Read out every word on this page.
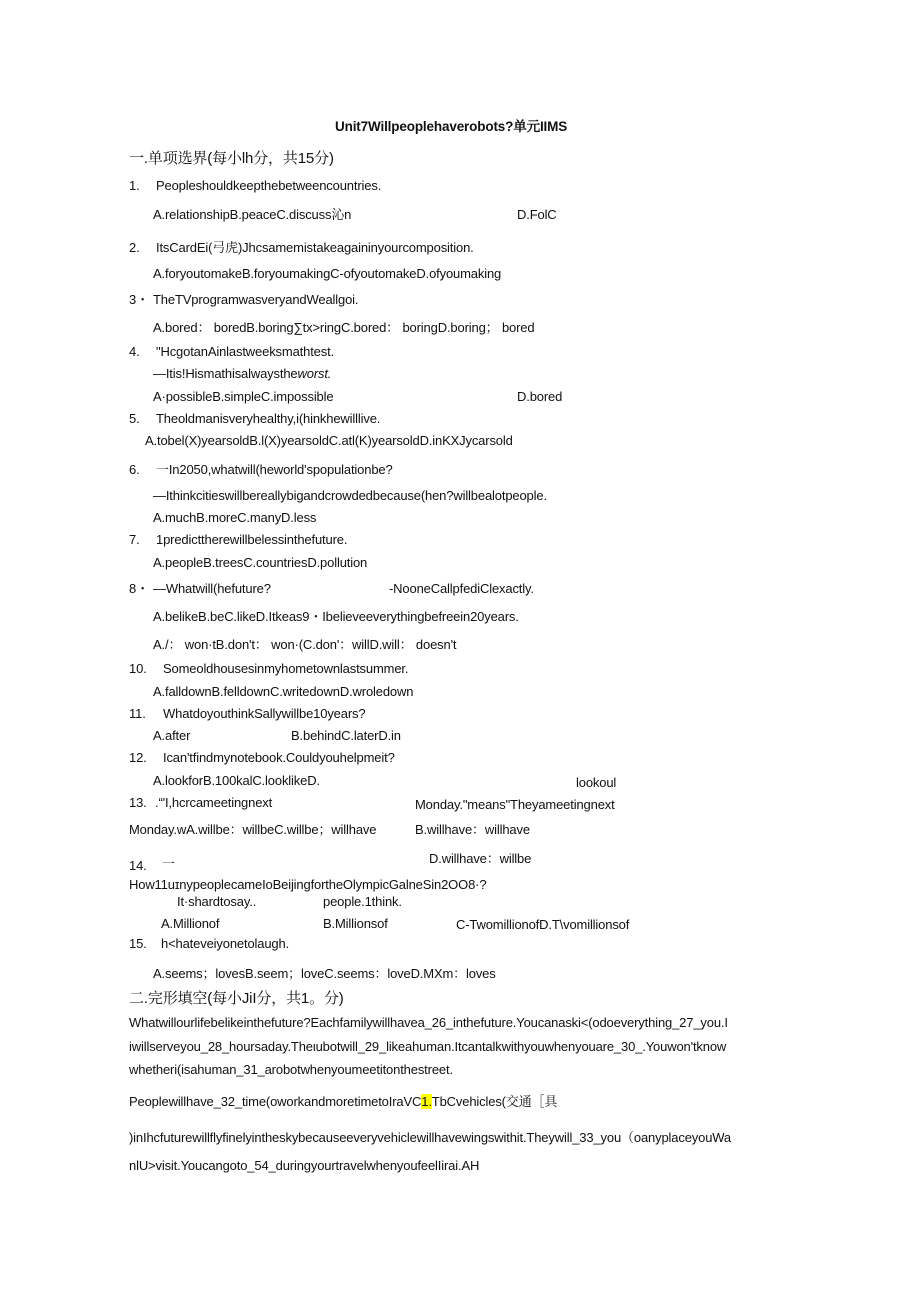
Unit7Willpeoplehaverobots?单元IIMS
一.单项选界(每小lh分，共15分)
1. Peopleshouldkeepthebetweencountries.
A.relationshipB.peaceC.discuss沁n	D.FolC
2. ItsCardEi(弓虎)Jhcsamemistakeagaininyourcomposition.
A.foryoutomakeB.foryoumakingC-ofyoutomakeD.ofyoumaking
3・ TheTVprogramwasveryandWeallgoi.
A.bored： boredB.boring∑tx>ringC.bored： boringD.boring； bored
4. "HcgotanAinlastweeksmathtest.
—Itis!Hismathisalwaystheworst.
A·possibleB.simpleC.impossible	D.bored
5. Theoldmanisveryhealthy,i(hinkhewilllive.
A.tobel(X)yearsoldB.l(X)yearsoldC.atl(K)yearsoldD.inKXJycarsold
6. 一In2050,whatwill(heworld'spopulationbe?
—Ithinkcitieswillbereallybigandcrowdedbecause(hen?willbealotpeople.
A.muchB.moreC.manyD.less
7. 1predicttherewillbelessinthefuture.
A.peopleB.treesC.countriesD.pollution
8・ —Whatwill(hefuture?	-NooneCallpfediClexactly.
A.belikeB.beC.likeD.Itkeas9・Ibelieveeverythingbefreein20years.
A./： won·tB.don't： won·(C.don'：willD.will： doesn't
10. Someoldhousesinmyhometownlastsummer.
A.falldownB.felldownC.writedownD.wroledown
11. WhatdoyouthinkSallywillbe10years?
A.after	B.behindC.laterD.in
12. Ican'tfindmynotebook.Couldyouhelpmeit?
A.lookforB.100kalC.looklikeD.	lookoul
13. .“'I,hcrcameetingnext	Monday."means"Theyameetingnext
Monday.wA.willbe：willbeC.willbe；willhave	B.willhave：willhave
D.willhave：willbe
14. 一
How11uɪnypeoplecameIoBeijingfortheOlympicGalneSin2OO8·?
It·shardtosay..	people.1think.
A.Millionof	B.Millionsof	C-TwomillionofD.T\vomillionsof
15. h<hateveiyonetolaugh.
A.seems；lovesB.seem；loveC.seems：loveD.MXm：loves
二.完形填空(每小JiI分，共1。分)
Whatwillourlifebelikeinthefuture?Eachfamilywillhavea_26_inthefuture.Youcanaski<(odoeverything_27_you.I
iwillserveyou_28_hoursaday.Theιubotwill_29_likeahuman.Itcantalkwithyouwhenyouare_30_.Youwon'tknow
whetheri(isahuman_31_arobotwhenyoumeetitonthestreet.
Peoplewillhave_32_time(oworkandmoretimetoIraVC1.TbCvehicles(交通［具
)inIhcfuturewillflyfinelyintheskybecauseeveryvehiclewillhavewingswithit.Theywill_33_you（oanyplaceyouWa
nlU>visit.Youcangoto_54_duringyourtravelwhenyoufeelIirai.AH
